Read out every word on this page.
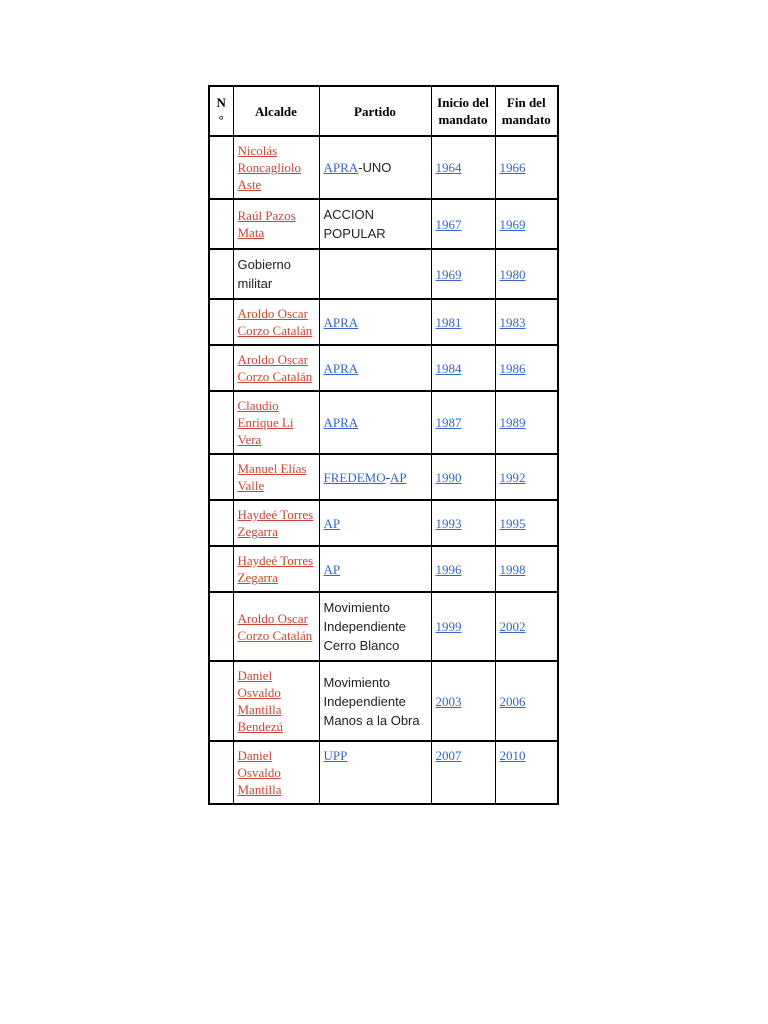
N°	Alcalde	Partido	Inicio del mandato	Fin del mandato
	Nicolás Roncagliolo Aste	APRA-UNO	1964	1966
	Raúl Pazos Mata	ACCION POPULAR	1967	1969
	Gobierno militar		1969	1980
	Aroldo Oscar Corzo Catalán	APRA	1981	1983
	Aroldo Oscar Corzo Catalán	APRA	1984	1986
	Claudio Enrique Li Vera	APRA	1987	1989
	Manuel Elías Valle	FREDEMO-AP	1990	1992
	Haydeé Torres Zegarra	AP	1993	1995
	Haydeé Torres Zegarra	AP	1996	1998
	Aroldo Oscar Corzo Catalán	Movimiento Independiente Cerro Blanco	1999	2002
	Daniel Osvaldo Mantilla Bendezú	Movimiento Independiente Manos a la Obra	2003	2006
	Daniel Osvaldo Mantilla	UPP	2007	2010
